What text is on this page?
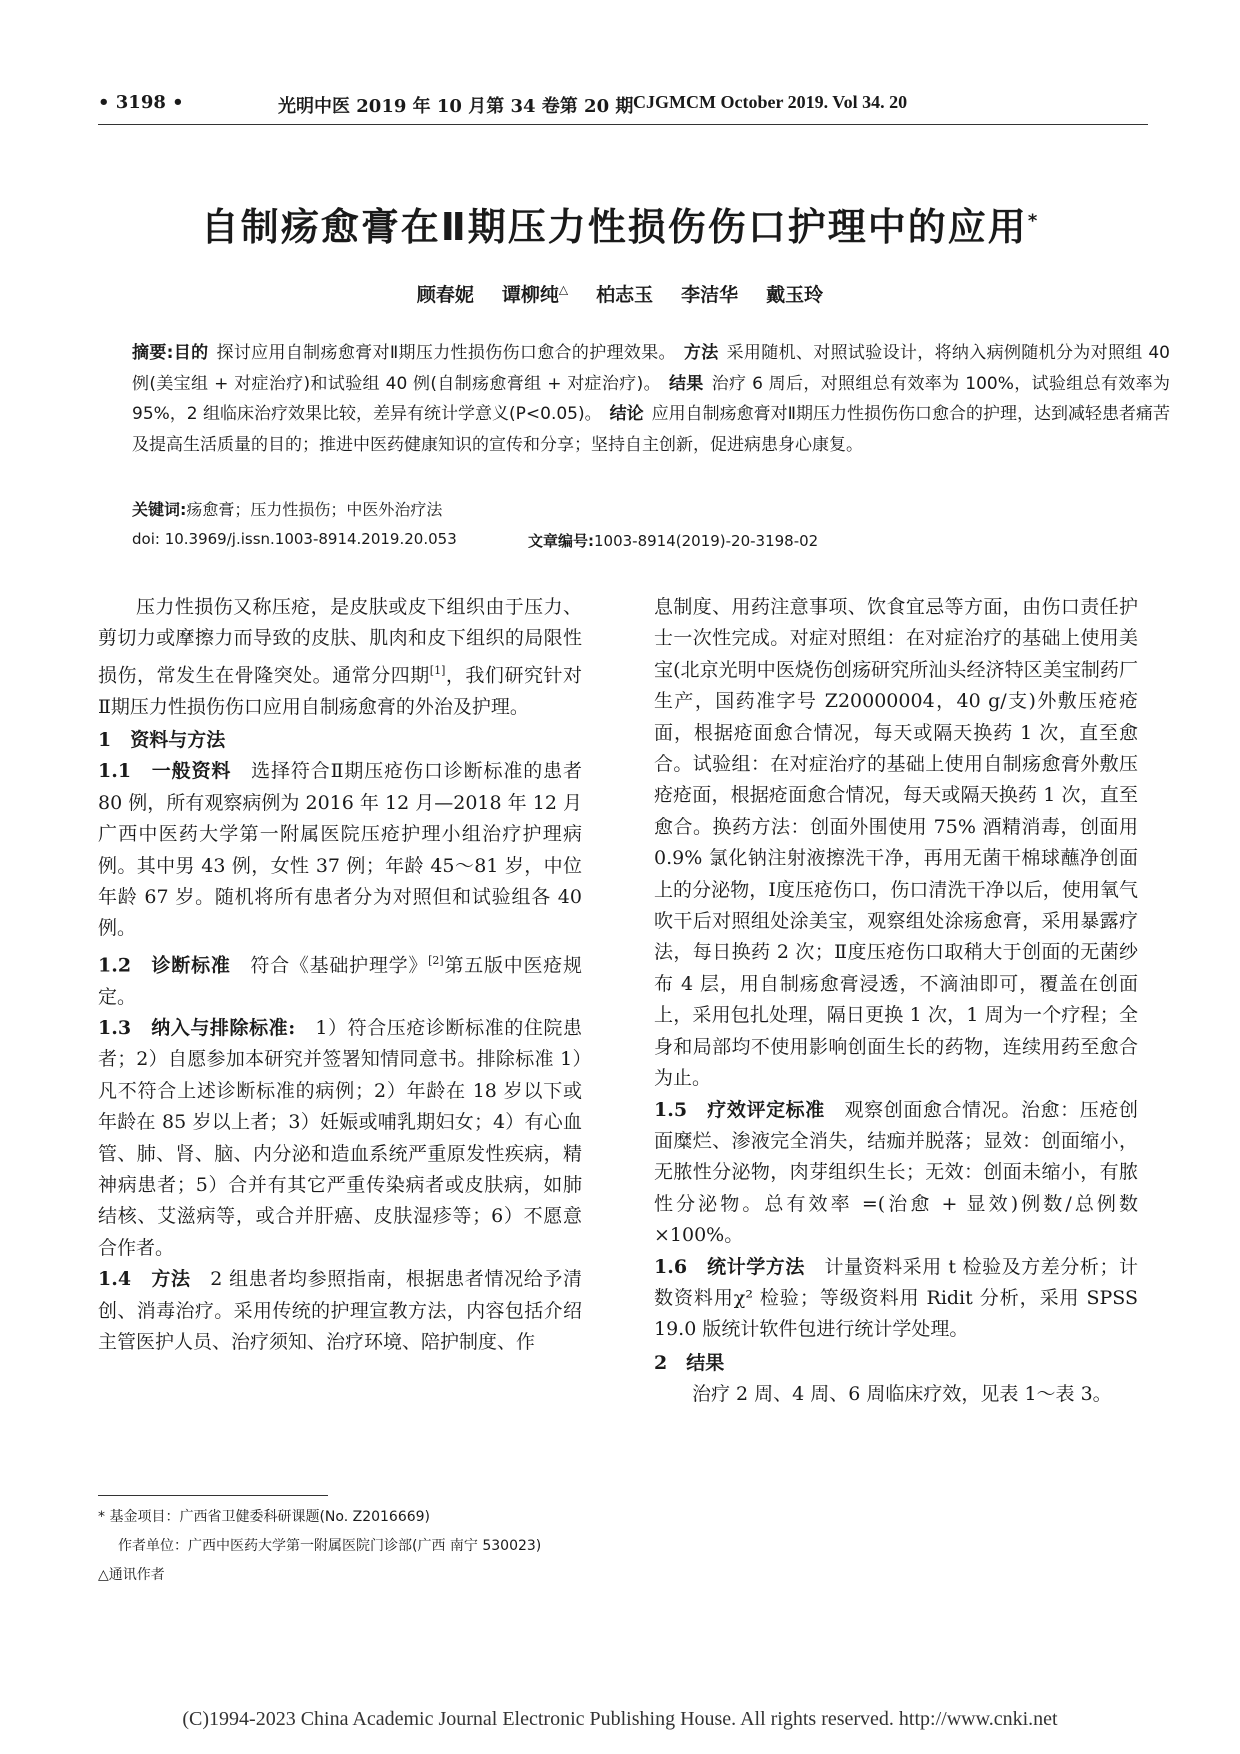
• 3198 •	光明中医 2019 年 10 月第 34 卷第 20 期 CJGMCM October 2019. Vol 34. 20
自制疡愈膏在Ⅱ期压力性损伤伤口护理中的应用*
顾春妮 谭柳纯△ 柏志玉 李洁华 戴玉玲
摘要:目的 探讨应用自制疡愈膏对Ⅱ期压力性损伤伤口愈合的护理效果。 方法 采用随机、对照试验设计，将纳入病例随机分为对照组 40 例(美宝组 + 对症治疗)和试验组 40 例(自制疡愈膏组 + 对症治疗)。 结果 治疗 6 周后，对照组总有效率为 100%，试验组总有效率为 95%，2 组临床治疗效果比较，差异有统计学意义(P<0.05)。 结论 应用自制疡愈膏对Ⅱ期压力性损伤伤口愈合的护理，达到减轻患者痛苦及提高生活质量的目的；推进中医药健康知识的宣传和分享；坚持自主创新，促进病患身心康复。
关键词:疡愈膏；压力性损伤；中医外治疗法
doi: 10.3969/j.issn.1003-8914.2019.20.053	文章编号:1003-8914(2019)-20-3198-02

压力性损伤又称压疮，是皮肤或皮下组织由于压力、剪切力或摩擦力而导致的皮肤、肌肉和皮下组织的局限性损伤，常发生在骨隆突处。通常分四期[1]，我们研究针对Ⅱ期压力性损伤伤口应用自制疡愈膏的外治及护理。

1　资料与方法

1.1　一般资料　 选择符合Ⅱ期压疮伤口诊断标准的患者 80 例，所有观察病例为 2016 年 12 月—2018 年 12 月广西中医药大学第一附属医院压疮护理小组治疗护理病例。其中男 43 例，女性 37 例；年龄 45～81 岁，中位年龄 67 岁。随机将所有患者分为对照但和试验组各 40 例。

1.2　诊断标准　 符合《基础护理学》[2]第五版中医疮规定。

1.3　纳入与排除标准:　 1）符合压疮诊断标准的住院患者；2）自愿参加本研究并签署知情同意书。排除标准 1）凡不符合上述诊断标准的病例；2）年龄在 18 岁以下或年龄在 85 岁以上者；3）妊娠或哺乳期妇女；4）有心血管、肺、肾、脑、内分泌和造血系统严重原发性疾病，精神病患者；5）合并有其它严重传染病者或皮肤病，如肺结核、艾滋病等，或合并肝癌、皮肤湿疹等；6）不愿意合作者。

1.4　方法　 2 组患者均参照指南，根据患者情况给予清创、消毒治疗。采用传统的护理宣教方法，内容包括介绍主管医护人员、治疗须知、治疗环境、陪护制度、作

息制度、用药注意事项、饮食宜忌等方面，由伤口责任护士一次性完成。对症对照组：在对症治疗的基础上使用美宝(北京光明中医烧伤创疡研究所汕头经济特区美宝制药厂生产，国药准字号 Z20000004，40 g/支)外敷压疮疮面，根据疮面愈合情况，每天或隔天换药 1 次，直至愈合。试验组：在对症治疗的基础上使用自制疡愈膏外敷压疮疮面，根据疮面愈合情况，每天或隔天换药 1 次，直至愈合。换药方法：创面外围使用 75% 酒精消毒，创面用 0.9% 氯化钠注射液擦洗干净，再用无菌干棉球蘸净创面上的分泌物，Ⅰ度压疮伤口，伤口清洗干净以后，使用氧气吹干后对照组处涂美宝，观察组处涂疡愈膏，采用暴露疗法，每日换药 2 次；Ⅱ度压疮伤口取稍大于创面的无菌纱布 4 层，用自制疡愈膏浸透，不滴油即可，覆盖在创面上，采用包扎处理，隔日更换 1 次，1 周为一个疗程；全身和局部均不使用影响创面生长的药物，连续用药至愈合为止。

1.5　疗效评定标准　 观察创面愈合情况。治愈：压疮创面糜烂、渗液完全消失，结痂并脱落；显效：创面缩小，无脓性分泌物，肉芽组织生长；无效：创面未缩小，有脓性分泌物。总有效率 =(治愈 + 显效)例数/总例数 ×100%。

1.6　统计学方法　 计量资料采用 t 检验及方差分析；计数资料用χ² 检验；等级资料用 Ridit 分析，采用 SPSS 19.0 版统计软件包进行统计学处理。

2　结果

治疗 2 周、4 周、6 周临床疗效，见表 1～表 3。

* 基金项目：广西省卫健委科研课题(No. Z2016669)
作者单位：广西中医药大学第一附属医院门诊部(广西 南宁 530023)
△通讯作者
(C)1994-2023 China Academic Journal Electronic Publishing House. All rights reserved. http://www.cnki.net
